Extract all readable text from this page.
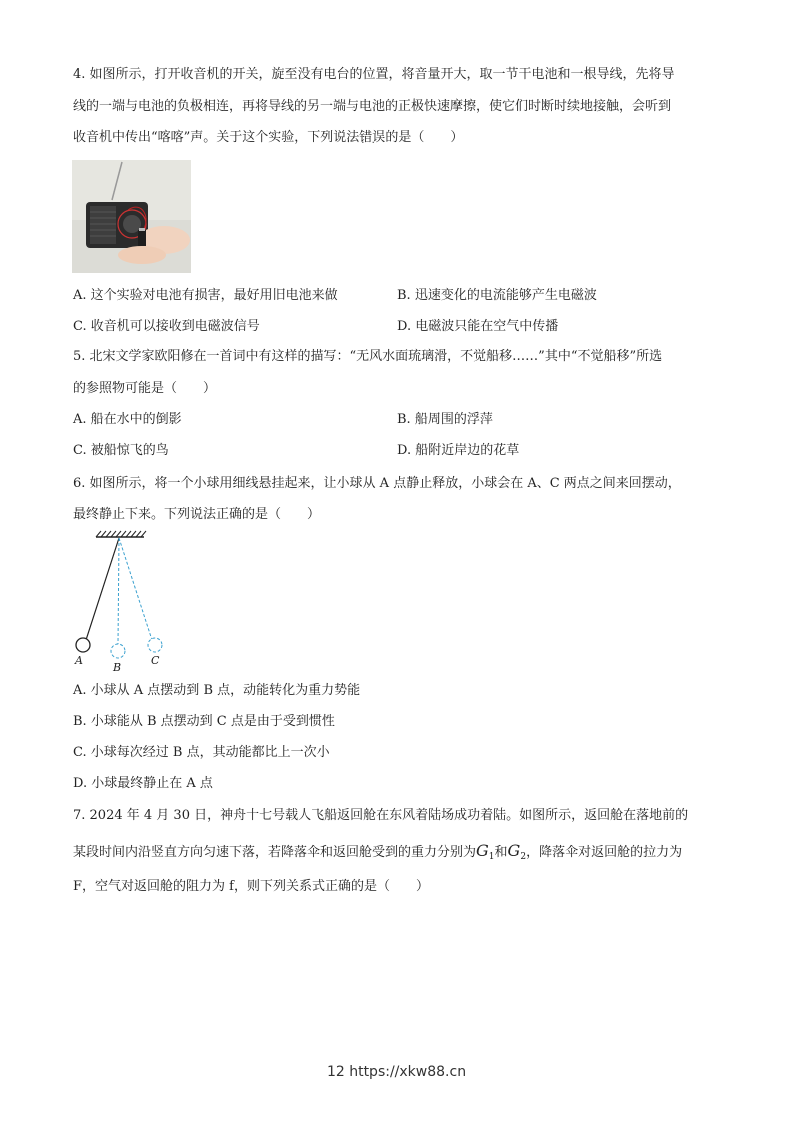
4. 如图所示，打开收音机的开关，旋至没有电台的位置，将音量开大，取一节干电池和一根导线，先将导
线的一端与电池的负极相连，再将导线的另一端与电池的正极快速摩擦，使它们时断时续地接触，会听到
收音机中传出“喀喀”声。关于这个实验，下列说法错误 ‧ ‧的是（　　）
A. 这个实验对电池有损害，最好用旧电池来做	B. 迅速变化的电流能够产生电磁波
C. 收音机可以接收到电磁波信号	D. 电磁波只能在空气中传播
5. 北宋文学家欧阳修在一首词中有这样的描写：“无风水面琉璃滑，不觉船移……”其中“不觉船移”所选
的参照物可能是（　　）
A. 船在水中的倒影	B. 船周围的浮萍
C. 被船惊飞的鸟	D. 船附近岸边的花草
6. 如图所示，将一个小球用细线悬挂起来，让小球从 A 点静止释放，小球会在 A、C 两点之间来回摆动，
最终静止下来。下列说法正确的是（　　）
A
B
C
A. 小球从 A 点摆动到 B 点，动能转化为重力势能
B. 小球能从 B 点摆动到 C 点是由于受到惯性
C. 小球每次经过 B 点，其动能都比上一次小
D. 小球最终静止在 A 点
7. 2024 年 4 月 30 日，神舟十七号载人飞船返回舱在东风着陆场成功着陆。如图所示，返回舱在落地前的
某段时间内沿竖直方向匀速下落，若降落伞和返回舱受到的重力分别为$G_1$和$G_2$，降落伞对返回舱的拉力为
F，空气对返回舱的阻力为 f，则下列关系式正确的是（　　）
12 https://xkw88.cn
